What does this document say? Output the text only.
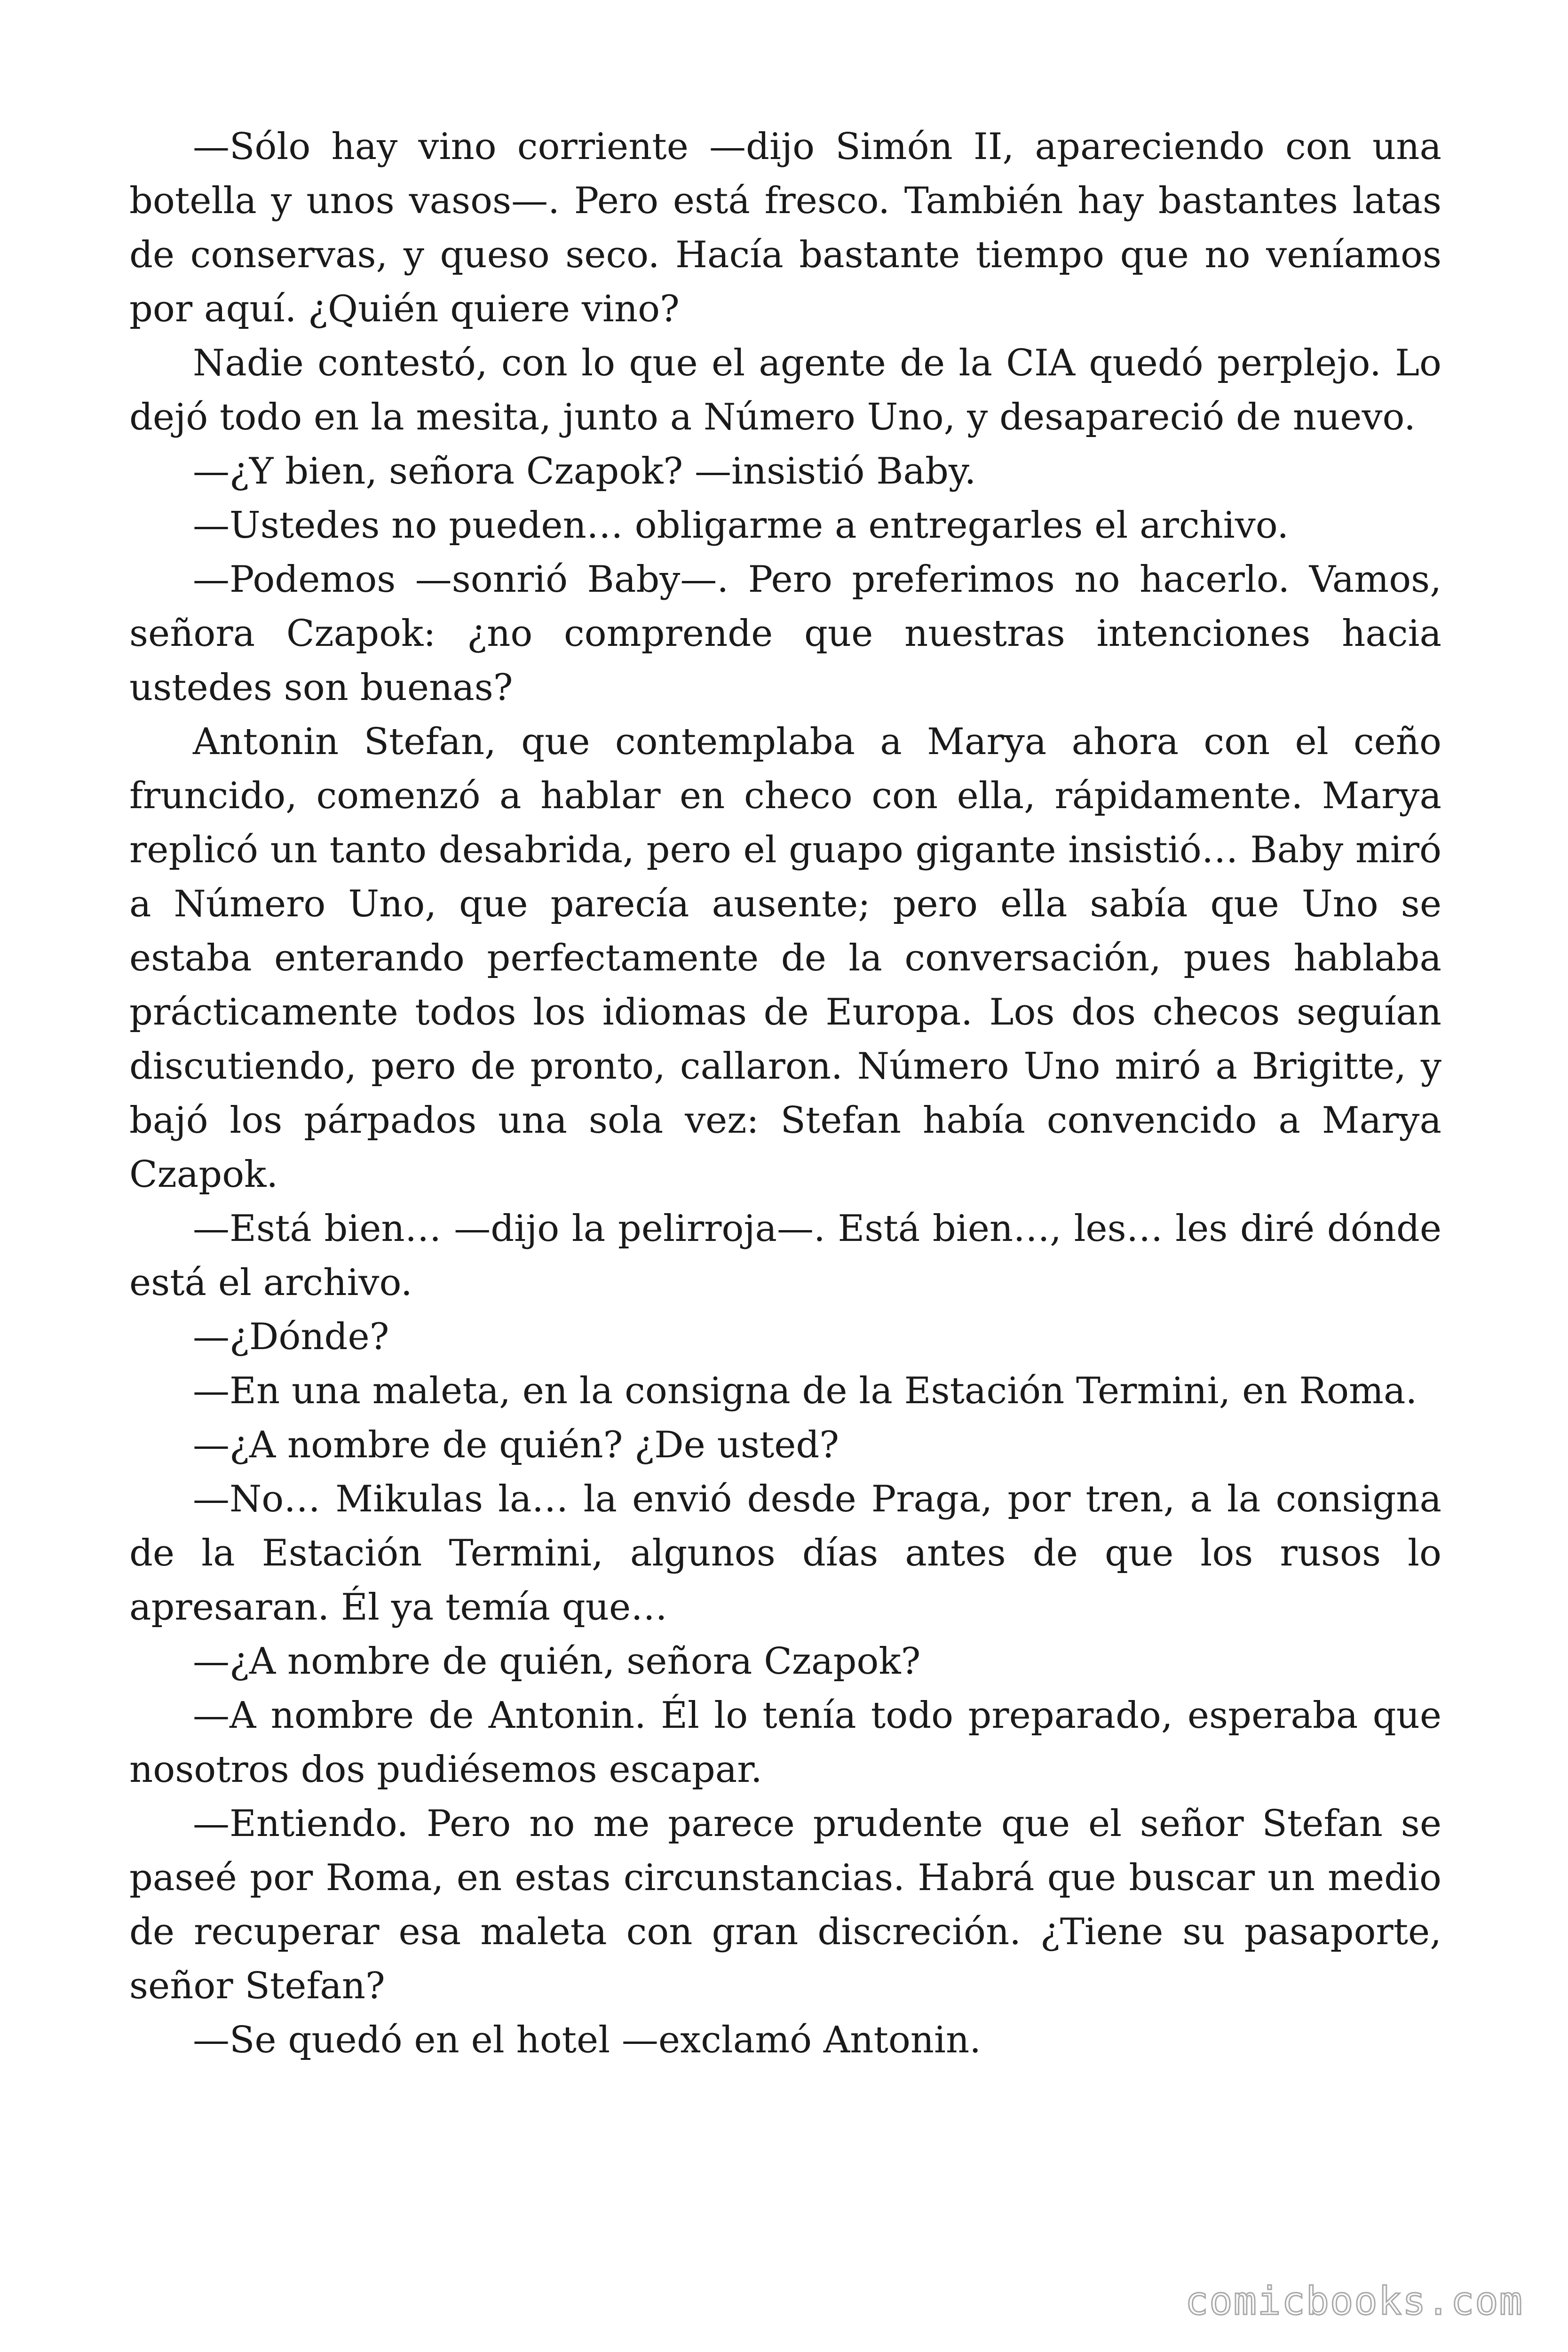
—Sólo hay vino corriente —dijo Simón II, apareciendo con una botella y unos vasos—. Pero está fresco. También hay bastantes latas de conservas, y queso seco. Hacía bastante tiempo que no veníamos por aquí. ¿Quién quiere vino?

Nadie contestó, con lo que el agente de la CIA quedó perplejo. Lo dejó todo en la mesita, junto a Número Uno, y desapareció de nuevo.

—¿Y bien, señora Czapok? —insistió Baby.

—Ustedes no pueden… obligarme a entregarles el archivo.

—Podemos —sonrió Baby—. Pero preferimos no hacerlo. Vamos, señora Czapok: ¿no comprende que nuestras intenciones hacia ustedes son buenas?

Antonin Stefan, que contemplaba a Marya ahora con el ceño fruncido, comenzó a hablar en checo con ella, rápidamente. Marya replicó un tanto desabrida, pero el guapo gigante insistió… Baby miró a Número Uno, que parecía ausente; pero ella sabía que Uno se estaba enterando perfectamente de la conversación, pues hablaba prácticamente todos los idiomas de Europa. Los dos checos seguían discutiendo, pero de pronto, callaron. Número Uno miró a Brigitte, y bajó los párpados una sola vez: Stefan había convencido a Marya Czapok.

—Está bien… —dijo la pelirroja—. Está bien…, les… les diré dónde está el archivo.

—¿Dónde?

—En una maleta, en la consigna de la Estación Termini, en Roma.

—¿A nombre de quién? ¿De usted?

—No… Mikulas la… la envió desde Praga, por tren, a la consigna de la Estación Termini, algunos días antes de que los rusos lo apresaran. Él ya temía que…

—¿A nombre de quién, señora Czapok?

—A nombre de Antonin. Él lo tenía todo preparado, esperaba que nosotros dos pudiésemos escapar.

—Entiendo. Pero no me parece prudente que el señor Stefan se paseé por Roma, en estas circunstancias. Habrá que buscar un medio de recuperar esa maleta con gran discreción. ¿Tiene su pasaporte, señor Stefan?

—Se quedó en el hotel —exclamó Antonin.

comicbooks.com
